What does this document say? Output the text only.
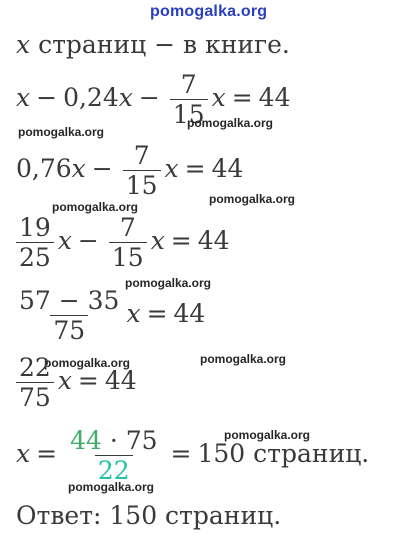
pomogalka.org
x страниц − в книге.
$x - 0,24x - \frac{7}{15}$ x = 44
pomogalka.org
pomogalka.org
$0,76x - \frac{7}{15}$ x = 44
pomogalka.org
pomogalka.org
$\frac{19}{25}$ $x - \frac{7}{15}$ x = 44
pomogalka.org
$\frac{57 - 35}{75}$ x = 44
pomogalka.org
pomogalka.org
$\frac{22}{75}$ x = 44
pomogalka.org
$x = \frac{44 \cdot 75}{22} = 150$ страниц.
pomogalka.org
Ответ: 150 страниц.
